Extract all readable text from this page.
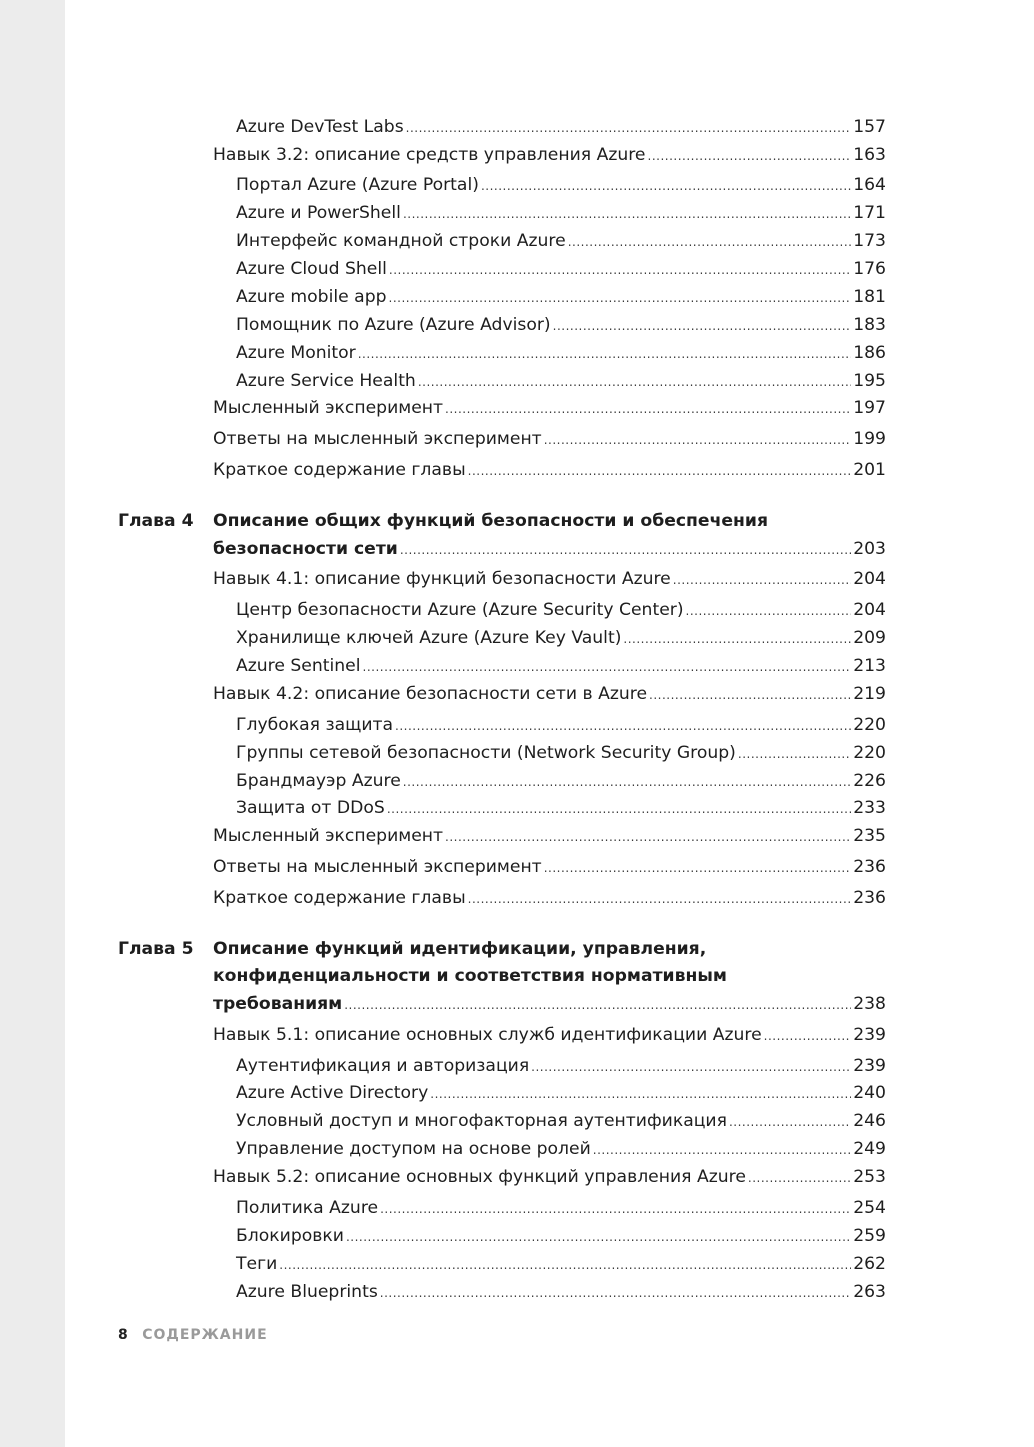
Azure DevTest Labs .....	157
Навык 3.2: описание средств управления Azure .....	163
Портал Azure (Azure Portal) .....	164
Azure и PowerShell .....	171
Интерфейс командной строки Azure .....	173
Azure Cloud Shell .....	176
Azure mobile app .....	181
Помощник по Azure (Azure Advisor) .....	183
Azure Monitor .....	186
Azure Service Health .....	195
Мысленный эксперимент .....	197
Ответы на мысленный эксперимент .....	199
Краткое содержание главы .....	201
Глава 4 Описание общих функций безопасности и обеспечения
безопасности сети .....	203
Навык 4.1: описание функций безопасности Azure .....	204
Центр безопасности Azure (Azure Security Center) .....	204
Хранилище ключей Azure (Azure Key Vault) .....	209
Azure Sentinel .....	213
Навык 4.2: описание безопасности сети в Azure .....	219
Глубокая защита .....	220
Группы сетевой безопасности (Network Security Group) .....	220
Брандмауэр Azure .....	226
Защита от DDoS .....	233
Мысленный эксперимент .....	235
Ответы на мысленный эксперимент .....	236
Краткое содержание главы .....	236
Глава 5 Описание функций идентификации, управления,
конфиденциальности и соответствия нормативным
требованиям .....	238
Навык 5.1: описание основных служб идентификации Azure .....	239
Аутентификация и авторизация .....	239
Azure Active Directory .....	240
Условный доступ и многофакторная аутентификация .....	246
Управление доступом на основе ролей .....	249
Навык 5.2: описание основных функций управления Azure .....	253
Политика Azure .....	254
Блокировки .....	259
Теги .....	262
Azure Blueprints .....	263
8 СОДЕРЖАНИЕ
